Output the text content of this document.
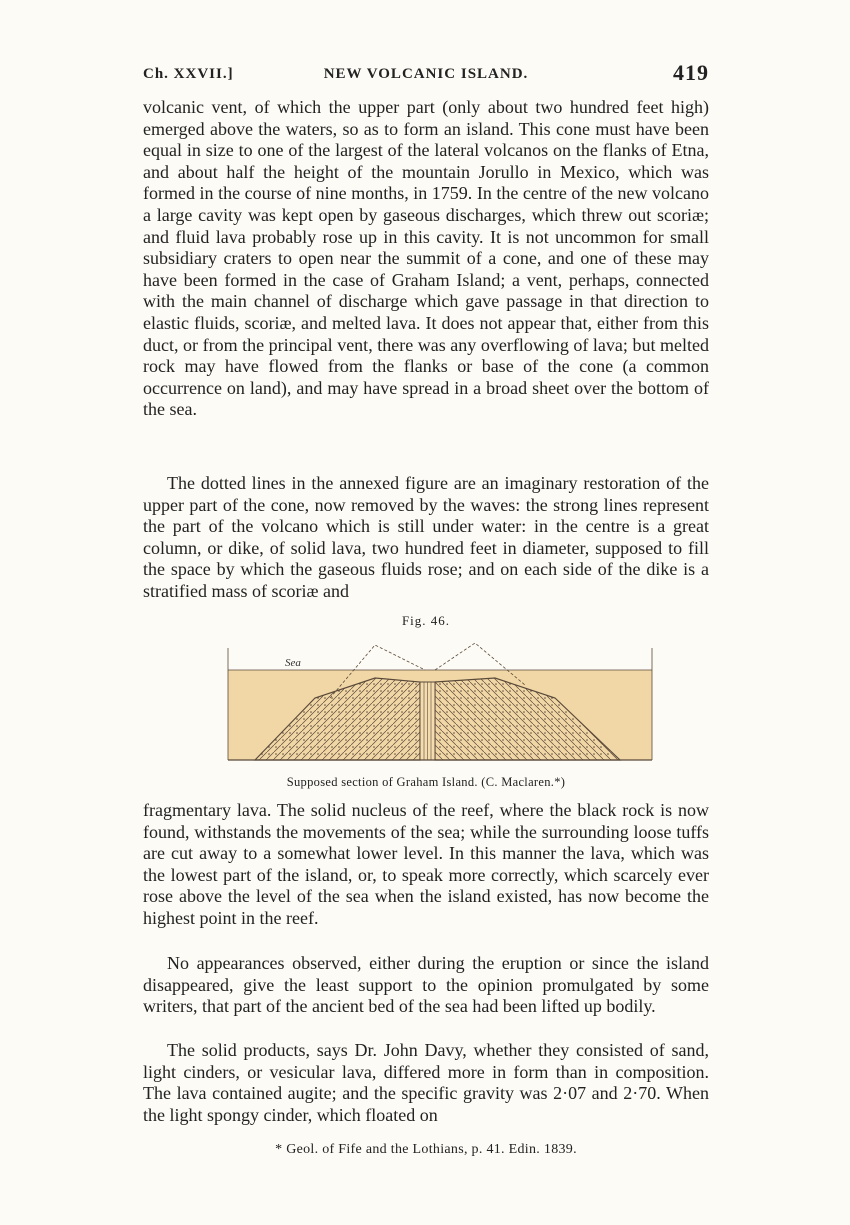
Ch. XXVII.]	NEW VOLCANIC ISLAND.	419

volcanic vent, of which the upper part (only about two hundred feet high) emerged above the waters, so as to form an island. This cone must have been equal in size to one of the largest of the lateral volcanos on the flanks of Etna, and about half the height of the mountain Jorullo in Mexico, which was formed in the course of nine months, in 1759. In the centre of the new volcano a large cavity was kept open by gaseous discharges, which threw out scoriæ; and fluid lava probably rose up in this cavity. It is not uncommon for small subsidiary craters to open near the summit of a cone, and one of these may have been formed in the case of Graham Island; a vent, perhaps, connected with the main channel of discharge which gave passage in that direction to elastic fluids, scoriæ, and melted lava. It does not appear that, either from this duct, or from the principal vent, there was any overflowing of lava; but melted rock may have flowed from the flanks or base of the cone (a common occurrence on land), and may have spread in a broad sheet over the bottom of the sea.

The dotted lines in the annexed figure are an imaginary restoration of the upper part of the cone, now removed by the waves: the strong lines represent the part of the volcano which is still under water: in the centre is a great column, or dike, of solid lava, two hundred feet in diameter, supposed to fill the space by which the gaseous fluids rose; and on each side of the dike is a stratified mass of scoriæ and

Fig. 46.
Sea
Supposed section of Graham Island. (C. Maclaren.*)

fragmentary lava. The solid nucleus of the reef, where the black rock is now found, withstands the movements of the sea; while the surrounding loose tuffs are cut away to a somewhat lower level. In this manner the lava, which was the lowest part of the island, or, to speak more correctly, which scarcely ever rose above the level of the sea when the island existed, has now become the highest point in the reef.

No appearances observed, either during the eruption or since the island disappeared, give the least support to the opinion promulgated by some writers, that part of the ancient bed of the sea had been lifted up bodily.

The solid products, says Dr. John Davy, whether they consisted of sand, light cinders, or vesicular lava, differed more in form than in composition. The lava contained augite; and the specific gravity was 2·07 and 2·70. When the light spongy cinder, which floated on

* Geol. of Fife and the Lothians, p. 41. Edin. 1839.
